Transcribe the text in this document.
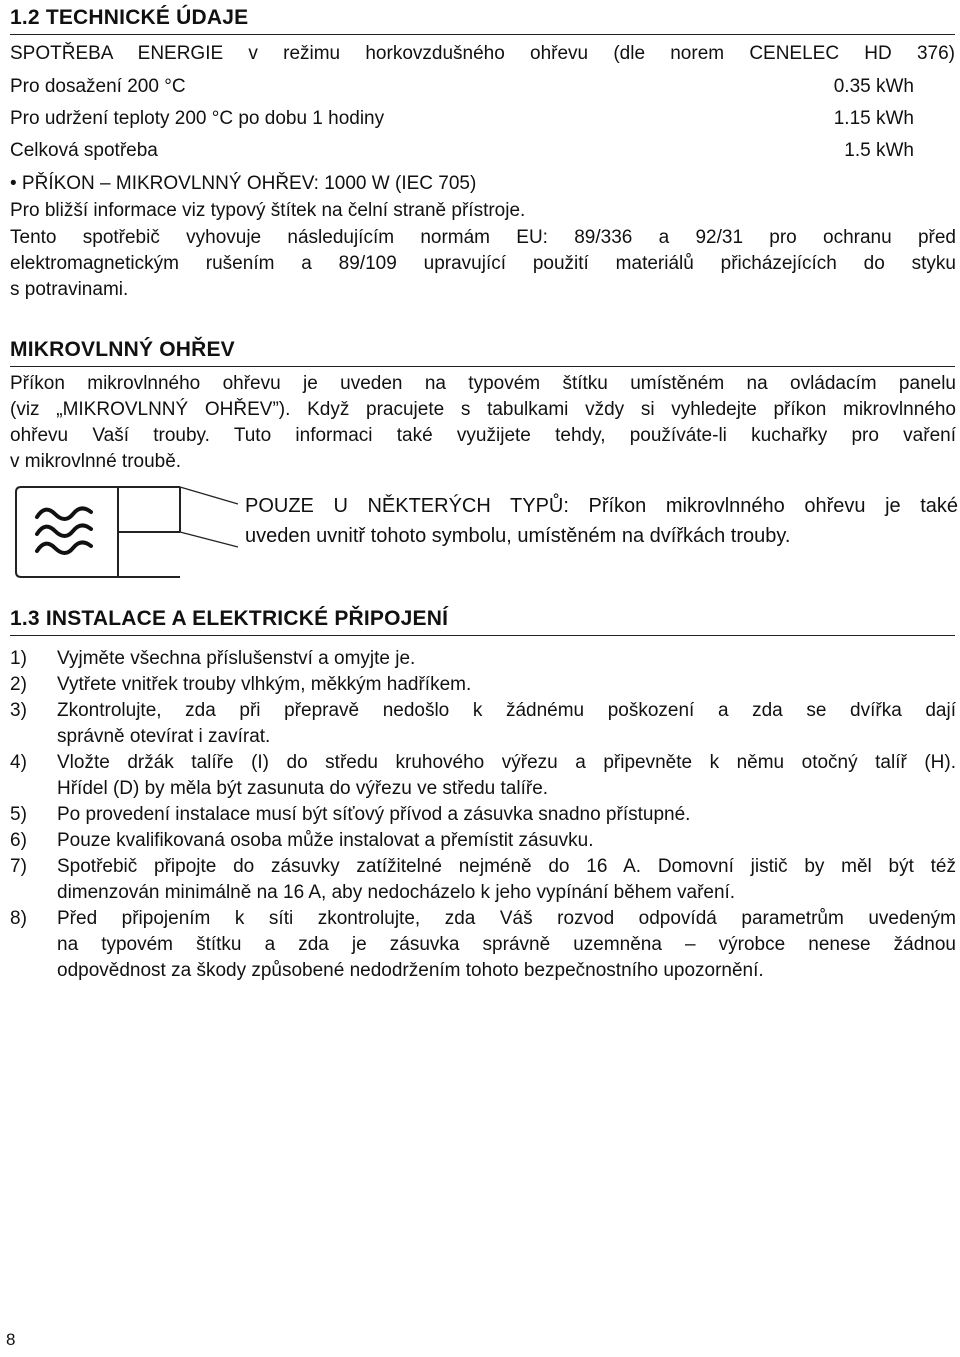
1.2 TECHNICKÉ ÚDAJE

SPOTŘEBA ENERGIE v režimu horkovzdušného ohřevu (dle norem CENELEC HD 376)

Pro dosažení 200 °C	0.35 kWh

Pro udržení teploty 200 °C po dobu 1 hodiny	1.15 kWh

Celková spotřeba	1.5 kWh

• PŘÍKON – MIKROVLNNÝ OHŘEV: 1000 W (IEC 705)

Pro bližší informace viz typový štítek na čelní straně přístroje.

Tento spotřebič vyhovuje následujícím normám EU: 89/336 a 92/31 pro ochranu před
elektromagnetickým rušením a 89/109 upravující použití materiálů přicházejících do styku
s potravinami.
MIKROVLNNÝ OHŘEV
Příkon mikrovlnného ohřevu je uveden na typovém štítku umístěném na ovládacím panelu
(viz „MIKROVLNNÝ OHŘEV”). Když pracujete s tabulkami vždy si vyhledejte příkon mikrovlnného
ohřevu Vaší trouby. Tuto informaci také využijete tehdy, používáte-li kuchařky pro vaření
v mikrovlnné troubě.
POUZE U NĚKTERÝCH TYPŮ: Příkon mikrovlnného ohřevu je také
uveden uvnitř tohoto symbolu, umístěném na dvířkách trouby.
1.3 INSTALACE A ELEKTRICKÉ PŘIPOJENÍ
1) Vyjměte všechna příslušenství a omyjte je.
2) Vytřete vnitřek trouby vlhkým, měkkým hadříkem.
3) Zkontrolujte, zda při přepravě nedošlo k žádnému poškození a zda se dvířka dají
správně otevírat i zavírat.
4) Vložte držák talíře (I) do středu kruhového výřezu a připevněte k němu otočný talíř (H).
Hřídel (D) by měla být zasunuta do výřezu ve středu talíře.
5) Po provedení instalace musí být síťový přívod a zásuvka snadno přístupné.
6) Pouze kvalifikovaná osoba může instalovat a přemístit zásuvku.
7) Spotřebič připojte do zásuvky zatížitelné nejméně do 16 A. Domovní jistič by měl být též
dimenzován minimálně na 16 A, aby nedocházelo k jeho vypínání během vaření.
8) Před připojením k síti zkontrolujte, zda Váš rozvod odpovídá parametrům uvedeným
na typovém štítku a zda je zásuvka správně uzemněna – výrobce nenese žádnou
odpovědnost za škody způsobené nedodržením tohoto bezpečnostního upozornění.
8
